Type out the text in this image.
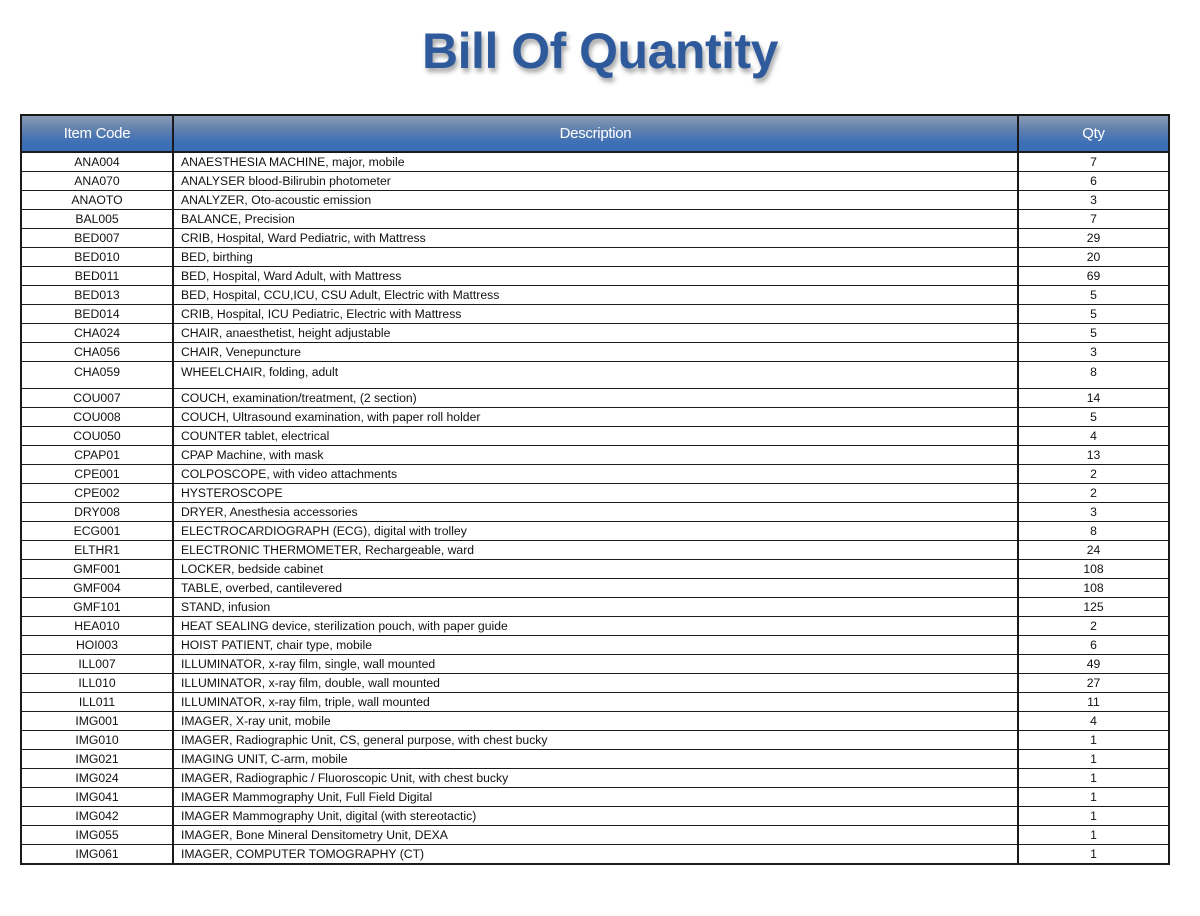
Bill Of Quantity
Item Code	Description	Qty
ANA004	ANAESTHESIA MACHINE, major, mobile	7
ANA070	ANALYSER blood-Bilirubin photometer	6
ANAOTO	ANALYZER, Oto-acoustic emission	3
BAL005	BALANCE, Precision	7
BED007	CRIB, Hospital, Ward Pediatric, with Mattress	29
BED010	BED, birthing	20
BED011	BED, Hospital, Ward Adult, with Mattress	69
BED013	BED, Hospital, CCU,ICU, CSU Adult, Electric with Mattress	5
BED014	CRIB, Hospital, ICU Pediatric, Electric with Mattress	5
CHA024	CHAIR, anaesthetist, height adjustable	5
CHA056	CHAIR, Venepuncture	3
CHA059	WHEELCHAIR, folding, adult	8
COU007	COUCH, examination/treatment, (2 section)	14
COU008	COUCH, Ultrasound examination, with paper roll holder	5
COU050	COUNTER tablet, electrical	4
CPAP01	CPAP Machine, with mask	13
CPE001	COLPOSCOPE, with video attachments	2
CPE002	HYSTEROSCOPE	2
DRY008	DRYER, Anesthesia accessories	3
ECG001	ELECTROCARDIOGRAPH (ECG), digital with trolley	8
ELTHR1	ELECTRONIC THERMOMETER, Rechargeable, ward	24
GMF001	LOCKER, bedside cabinet	108
GMF004	TABLE, overbed, cantilevered	108
GMF101	STAND, infusion	125
HEA010	HEAT SEALING device, sterilization pouch, with paper guide	2
HOI003	HOIST PATIENT, chair type, mobile	6
ILL007	ILLUMINATOR, x-ray film, single, wall mounted	49
ILL010	ILLUMINATOR, x-ray film, double, wall mounted	27
ILL011	ILLUMINATOR, x-ray film, triple, wall mounted	11
IMG001	IMAGER, X-ray unit, mobile	4
IMG010	IMAGER, Radiographic Unit, CS, general purpose, with chest bucky	1
IMG021	IMAGING UNIT, C-arm, mobile	1
IMG024	IMAGER, Radiographic / Fluoroscopic Unit, with chest bucky	1
IMG041	IMAGER Mammography Unit, Full Field Digital	1
IMG042	IMAGER Mammography Unit, digital (with stereotactic)	1
IMG055	IMAGER, Bone Mineral Densitometry Unit, DEXA	1
IMG061	IMAGER, COMPUTER TOMOGRAPHY (CT)	1
